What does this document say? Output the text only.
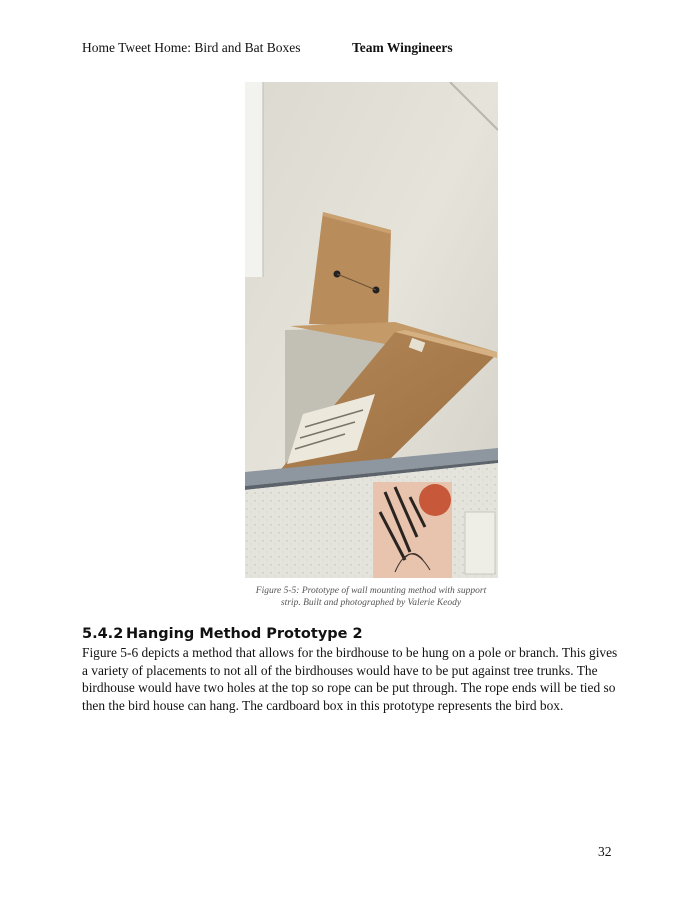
Home Tweet Home: Bird and Bat Boxes	Team Wingineers
Figure 5-5: Prototype of wall mounting method with support
strip. Built and photographed by Valerie Keody
5.4.2 Hanging Method Prototype 2
Figure 5-6 depicts a method that allows for the birdhouse to be hung on a pole or branch. This gives a variety of placements to not all of the birdhouses would have to be put against tree trunks. The birdhouse would have two holes at the top so rope can be put through. The rope ends will be tied so then the bird house can hang. The cardboard box in this prototype represents the bird box.
32
